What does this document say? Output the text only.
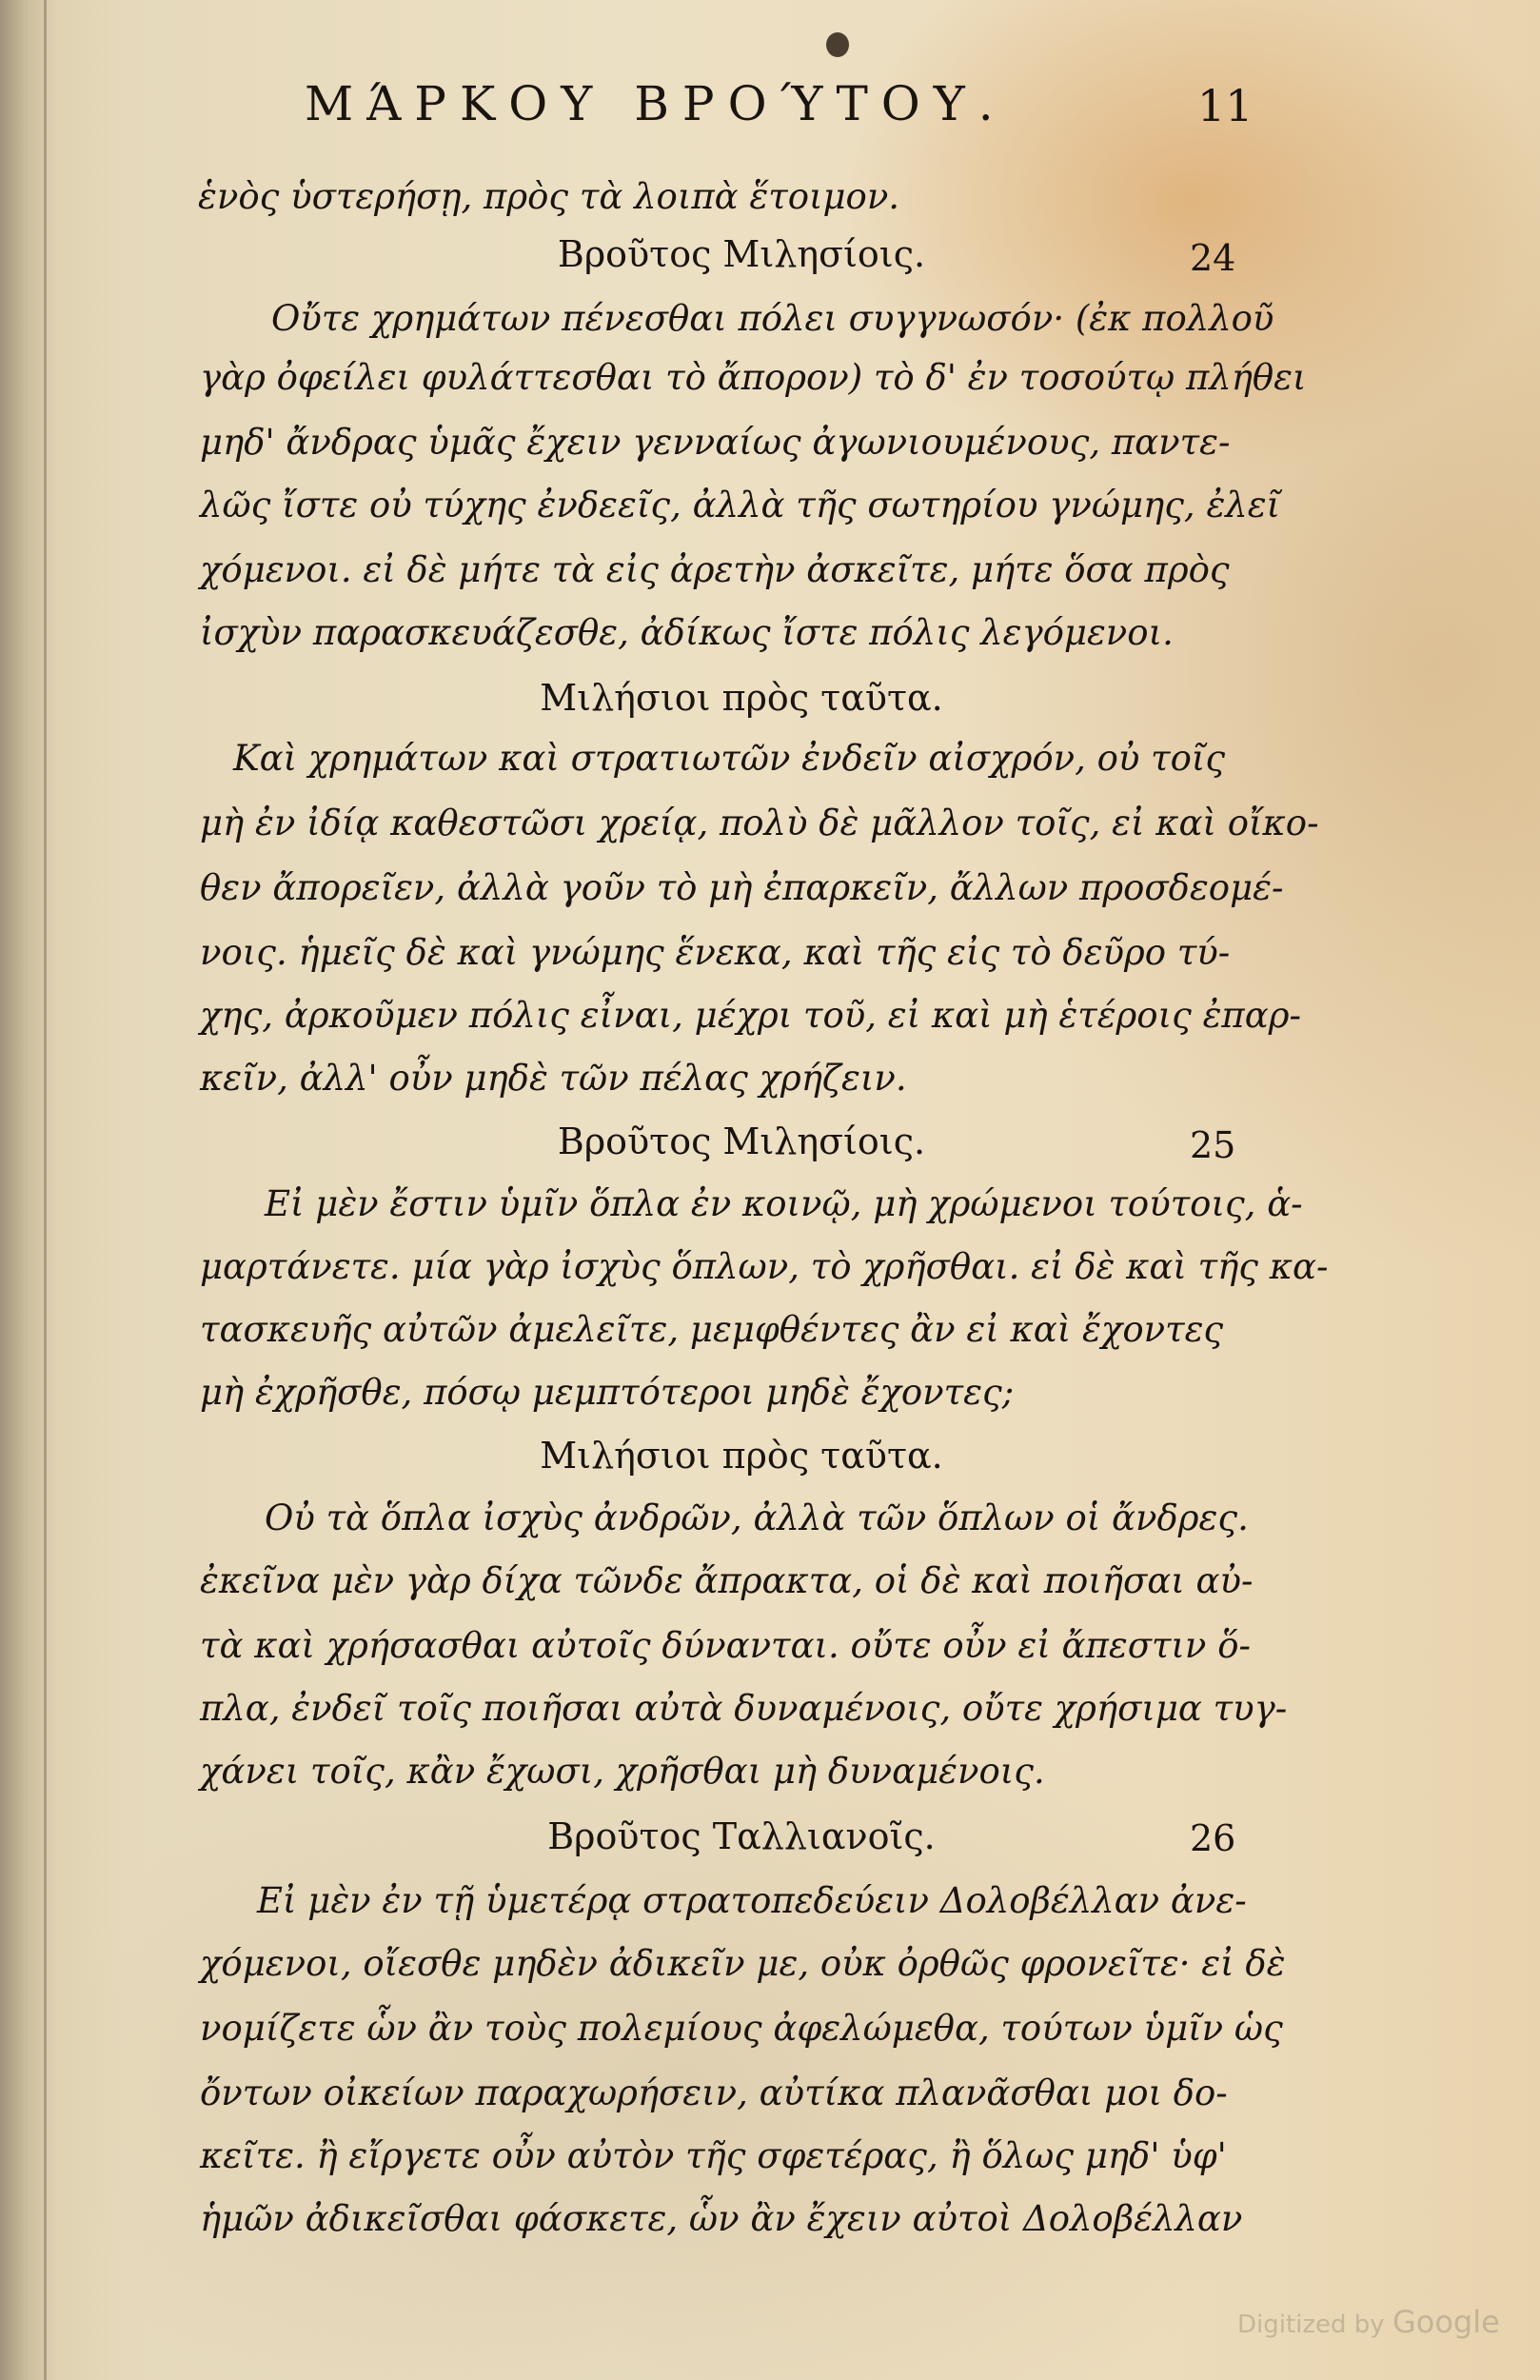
ΜΆΡΚΟΥ ΒΡΟΎΤΟΥ.	11
ἑνὸς ὑστερήσῃ, πρὸς τὰ λοιπὰ ἕτοιμον.
Βροῦτος Μιλησίοις.	24
Οὔτε χρημάτων πένεσθαι πόλει συγγνωσόν· (ἐκ πολλοῦ
γὰρ ὀφείλει φυλάττεσθαι τὸ ἄπορον) τὸ δ' ἐν τοσούτῳ πλήθει
μηδ' ἄνδρας ὑμᾶς ἔχειν γενναίως ἀγωνιουμένους, παντε-
λῶς ἴστε οὐ τύχης ἐνδεεῖς, ἀλλὰ τῆς σωτηρίου γνώμης, ἐλεῖ
χόμενοι. εἰ δὲ μήτε τὰ εἰς ἀρετὴν ἀσκεῖτε, μήτε ὅσα πρὸς
ἰσχὺν παρασκευάζεσθε, ἀδίκως ἴστε πόλις λεγόμενοι.
Μιλήσιοι πρὸς ταῦτα.
Καὶ χρημάτων καὶ στρατιωτῶν ἐνδεῖν αἰσχρόν, οὐ τοῖς
μὴ ἐν ἰδίᾳ καθεστῶσι χρείᾳ, πολὺ δὲ μᾶλλον τοῖς, εἰ καὶ οἴκο-
θεν ἄπορεῖεν, ἀλλὰ γοῦν τὸ μὴ ἐπαρκεῖν, ἄλλων προσδεομέ-
νοις. ἡμεῖς δὲ καὶ γνώμης ἕνεκα, καὶ τῆς εἰς τὸ δεῦρο τύ-
χης, ἀρκοῦμεν πόλις εἶναι, μέχρι τοῦ, εἰ καὶ μὴ ἑτέροις ἐπαρ-
κεῖν, ἀλλ' οὖν μηδὲ τῶν πέλας χρήζειν.
Βροῦτος Μιλησίοις.	25
Εἰ μὲν ἔστιν ὑμῖν ὅπλα ἐν κοινῷ, μὴ χρώμενοι τούτοις, ἁ-
μαρτάνετε. μία γὰρ ἰσχὺς ὅπλων, τὸ χρῆσθαι. εἰ δὲ καὶ τῆς κα-
τασκευῆς αὐτῶν ἀμελεῖτε, μεμφθέντες ἂν εἰ καὶ ἔχοντες
μὴ ἐχρῆσθε, πόσῳ μεμπτότεροι μηδὲ ἔχοντες;
Μιλήσιοι πρὸς ταῦτα.
Οὐ τὰ ὅπλα ἰσχὺς ἀνδρῶν, ἀλλὰ τῶν ὅπλων οἱ ἄνδρες.
ἐκεῖνα μὲν γὰρ δίχα τῶνδε ἄπρακτα, οἱ δὲ καὶ ποιῆσαι αὐ-
τὰ καὶ χρήσασθαι αὐτοῖς δύνανται. οὔτε οὖν εἰ ἄπεστιν ὅ-
πλα, ἐνδεῖ τοῖς ποιῆσαι αὐτὰ δυναμένοις, οὔτε χρήσιμα τυγ-
χάνει τοῖς, κἂν ἔχωσι, χρῆσθαι μὴ δυναμένοις.
Βροῦτος Ταλλιανοῖς.	26
Εἰ μὲν ἐν τῇ ὑμετέρᾳ στρατοπεδεύειν Δολοβέλλαν ἀνε-
χόμενοι, οἴεσθε μηδὲν ἀδικεῖν με, οὐκ ὀρθῶς φρονεῖτε· εἰ δὲ
νομίζετε ὧν ἂν τοὺς πολεμίους ἀφελώμεθα, τούτων ὑμῖν ὡς
ὄντων οἰκείων παραχωρήσειν, αὐτίκα πλανᾶσθαι μοι δο-
κεῖτε. ἢ εἴργετε οὖν αὐτὸν τῆς σφετέρας, ἢ ὅλως μηδ' ὑφ'
ἡμῶν ἀδικεῖσθαι φάσκετε, ὧν ἂν ἔχειν αὐτοὶ Δολοβέλλαν
Digitized by Google
